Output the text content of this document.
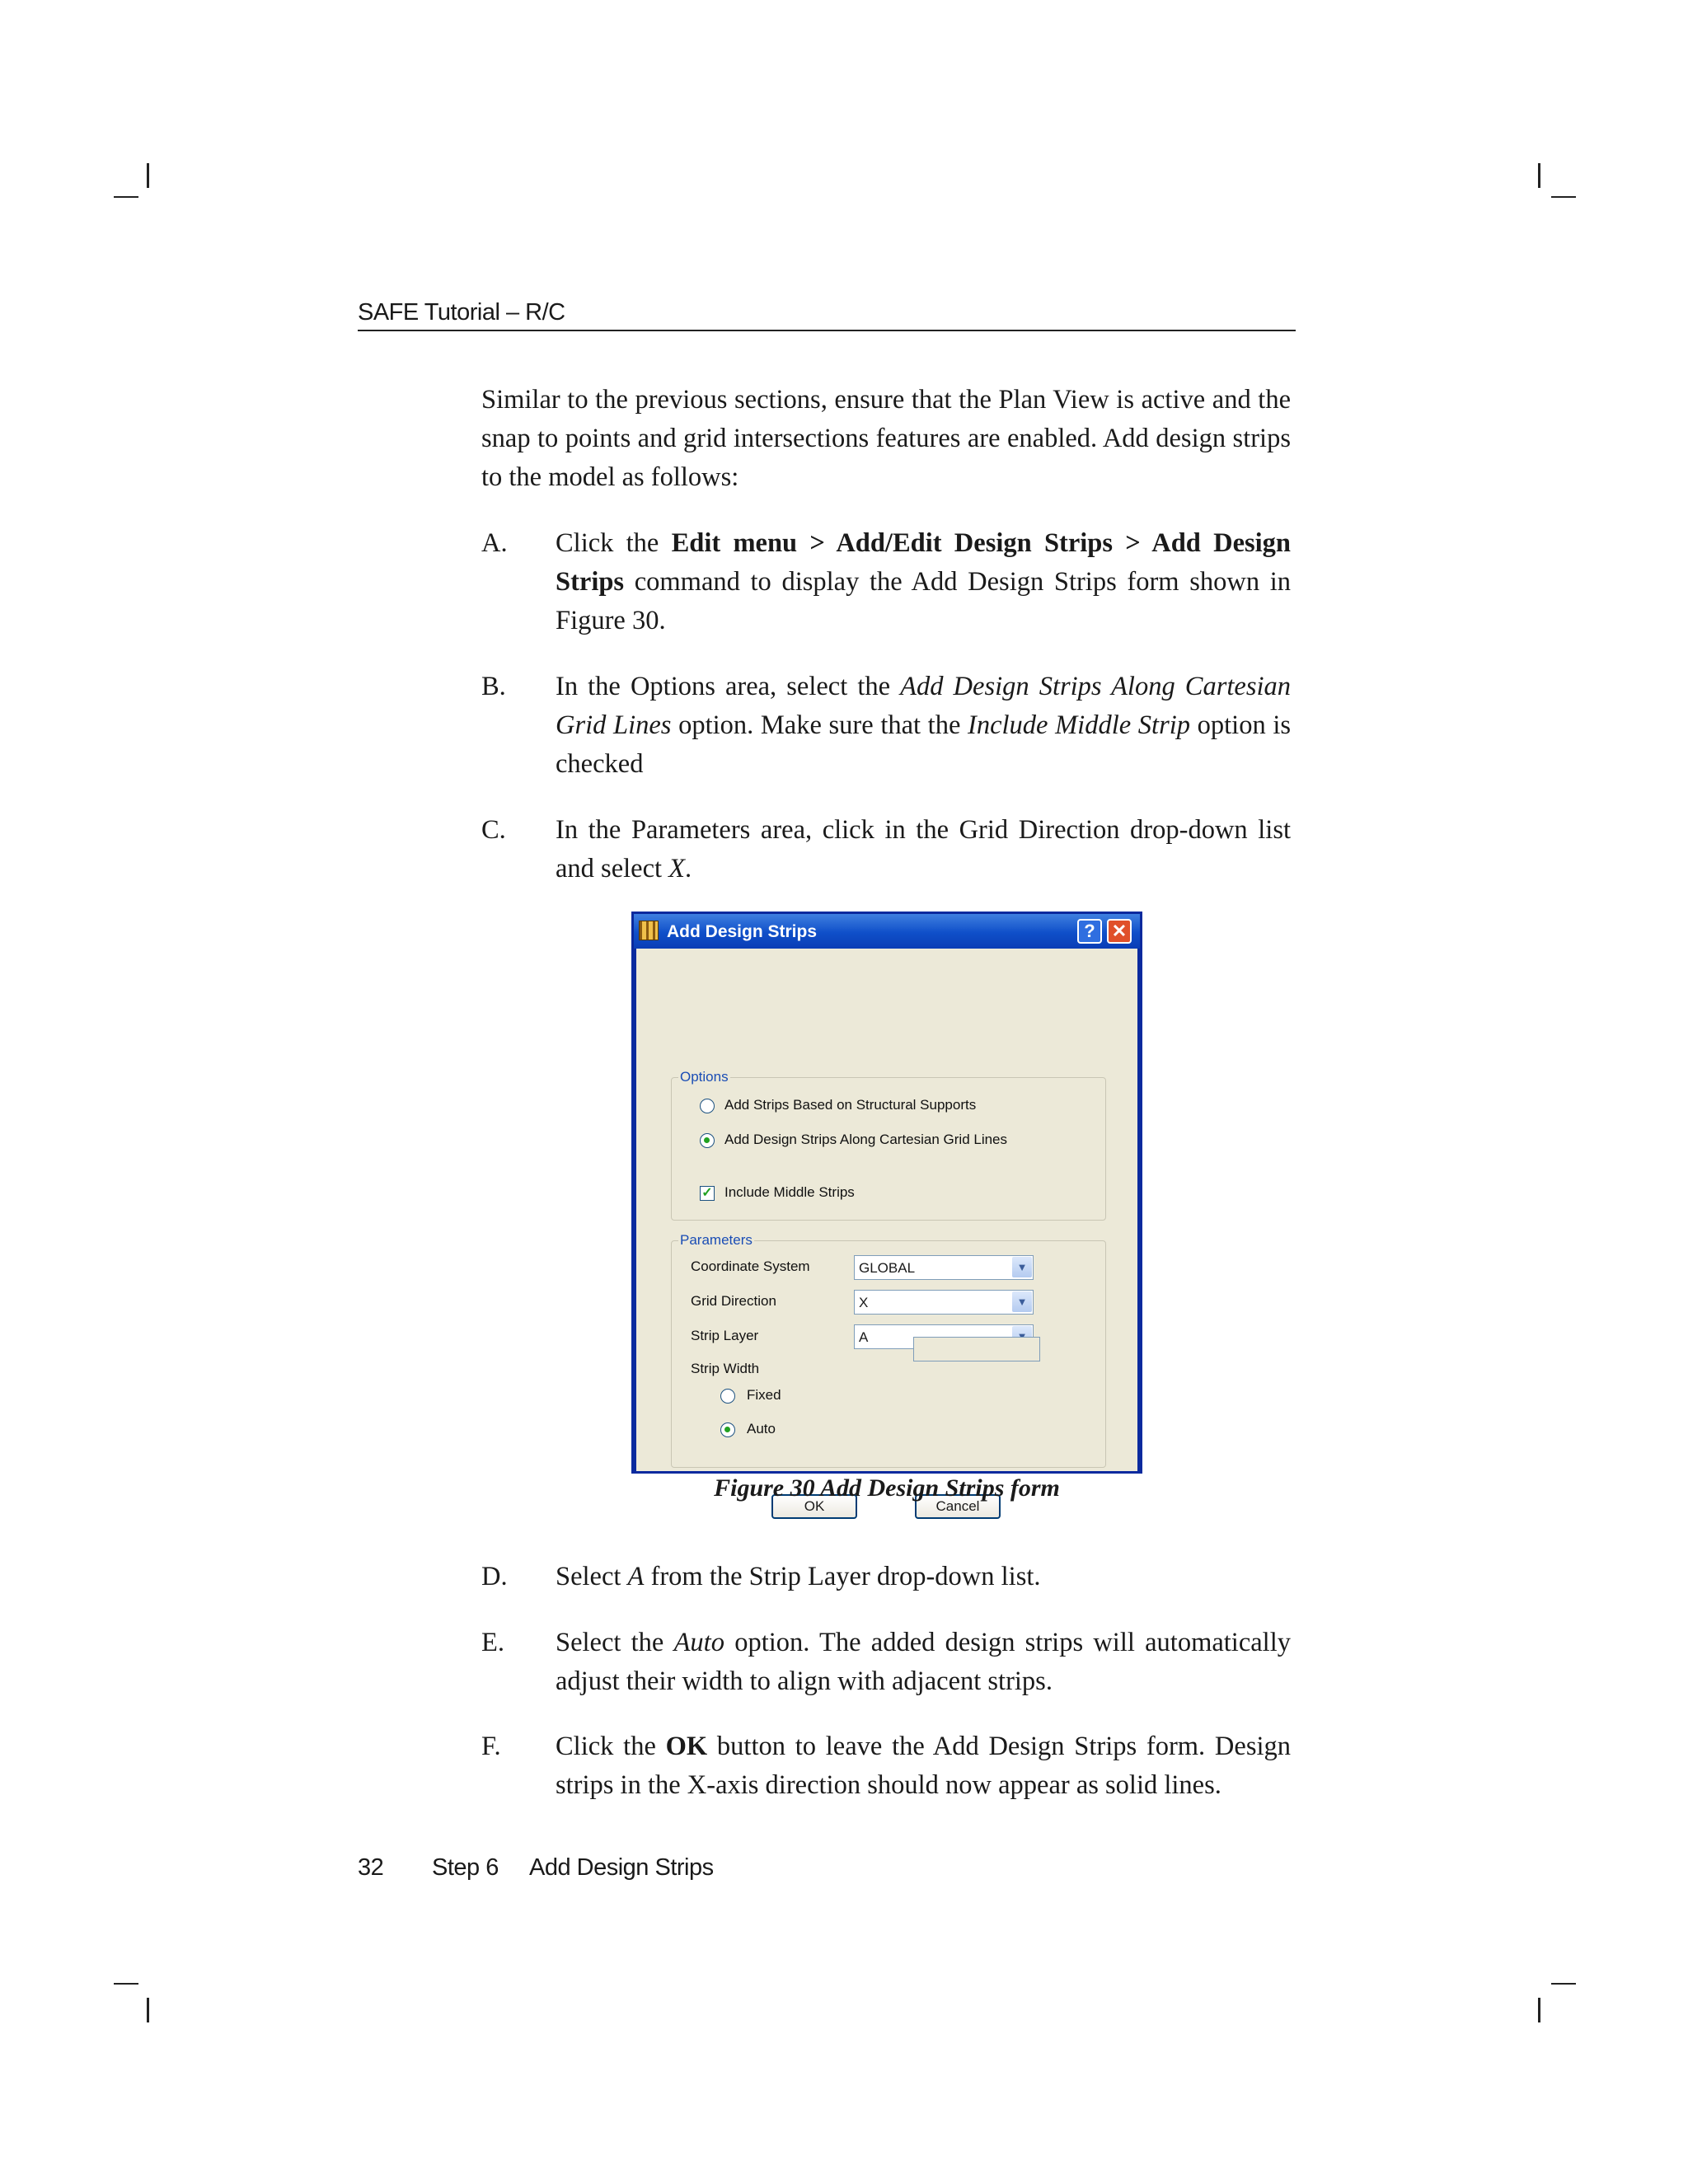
SAFE Tutorial – R/C
Similar to the previous sections, ensure that the Plan View is active and the snap to points and grid intersections features are enabled. Add design strips to the model as follows:
A. Click the Edit menu > Add/Edit Design Strips > Add Design Strips command to display the Add Design Strips form shown in Figure 30.
B. In the Options area, select the Add Design Strips Along Cartesian Grid Lines option. Make sure that the Include Middle Strip option is checked
C. In the Parameters area, click in the Grid Direction drop-down list and select X.
Add Design Strips	? ✕
Options
Add Strips Based on Structural Supports
Add Design Strips Along Cartesian Grid Lines
✓ Include Middle Strips
Parameters
Coordinate System	GLOBAL	▼
Grid Direction	X	▼
Strip Layer	A
Strip Width
Fixed
Auto
OK	Cancel
Figure 30 Add Design Strips form
D. Select A from the Strip Layer drop-down list.
E. Select the Auto option. The added design strips will automatically adjust their width to align with adjacent strips.
F. Click the OK button to leave the Add Design Strips form. Design strips in the X-axis direction should now appear as solid lines.
32 Step 6 Add Design Strips
